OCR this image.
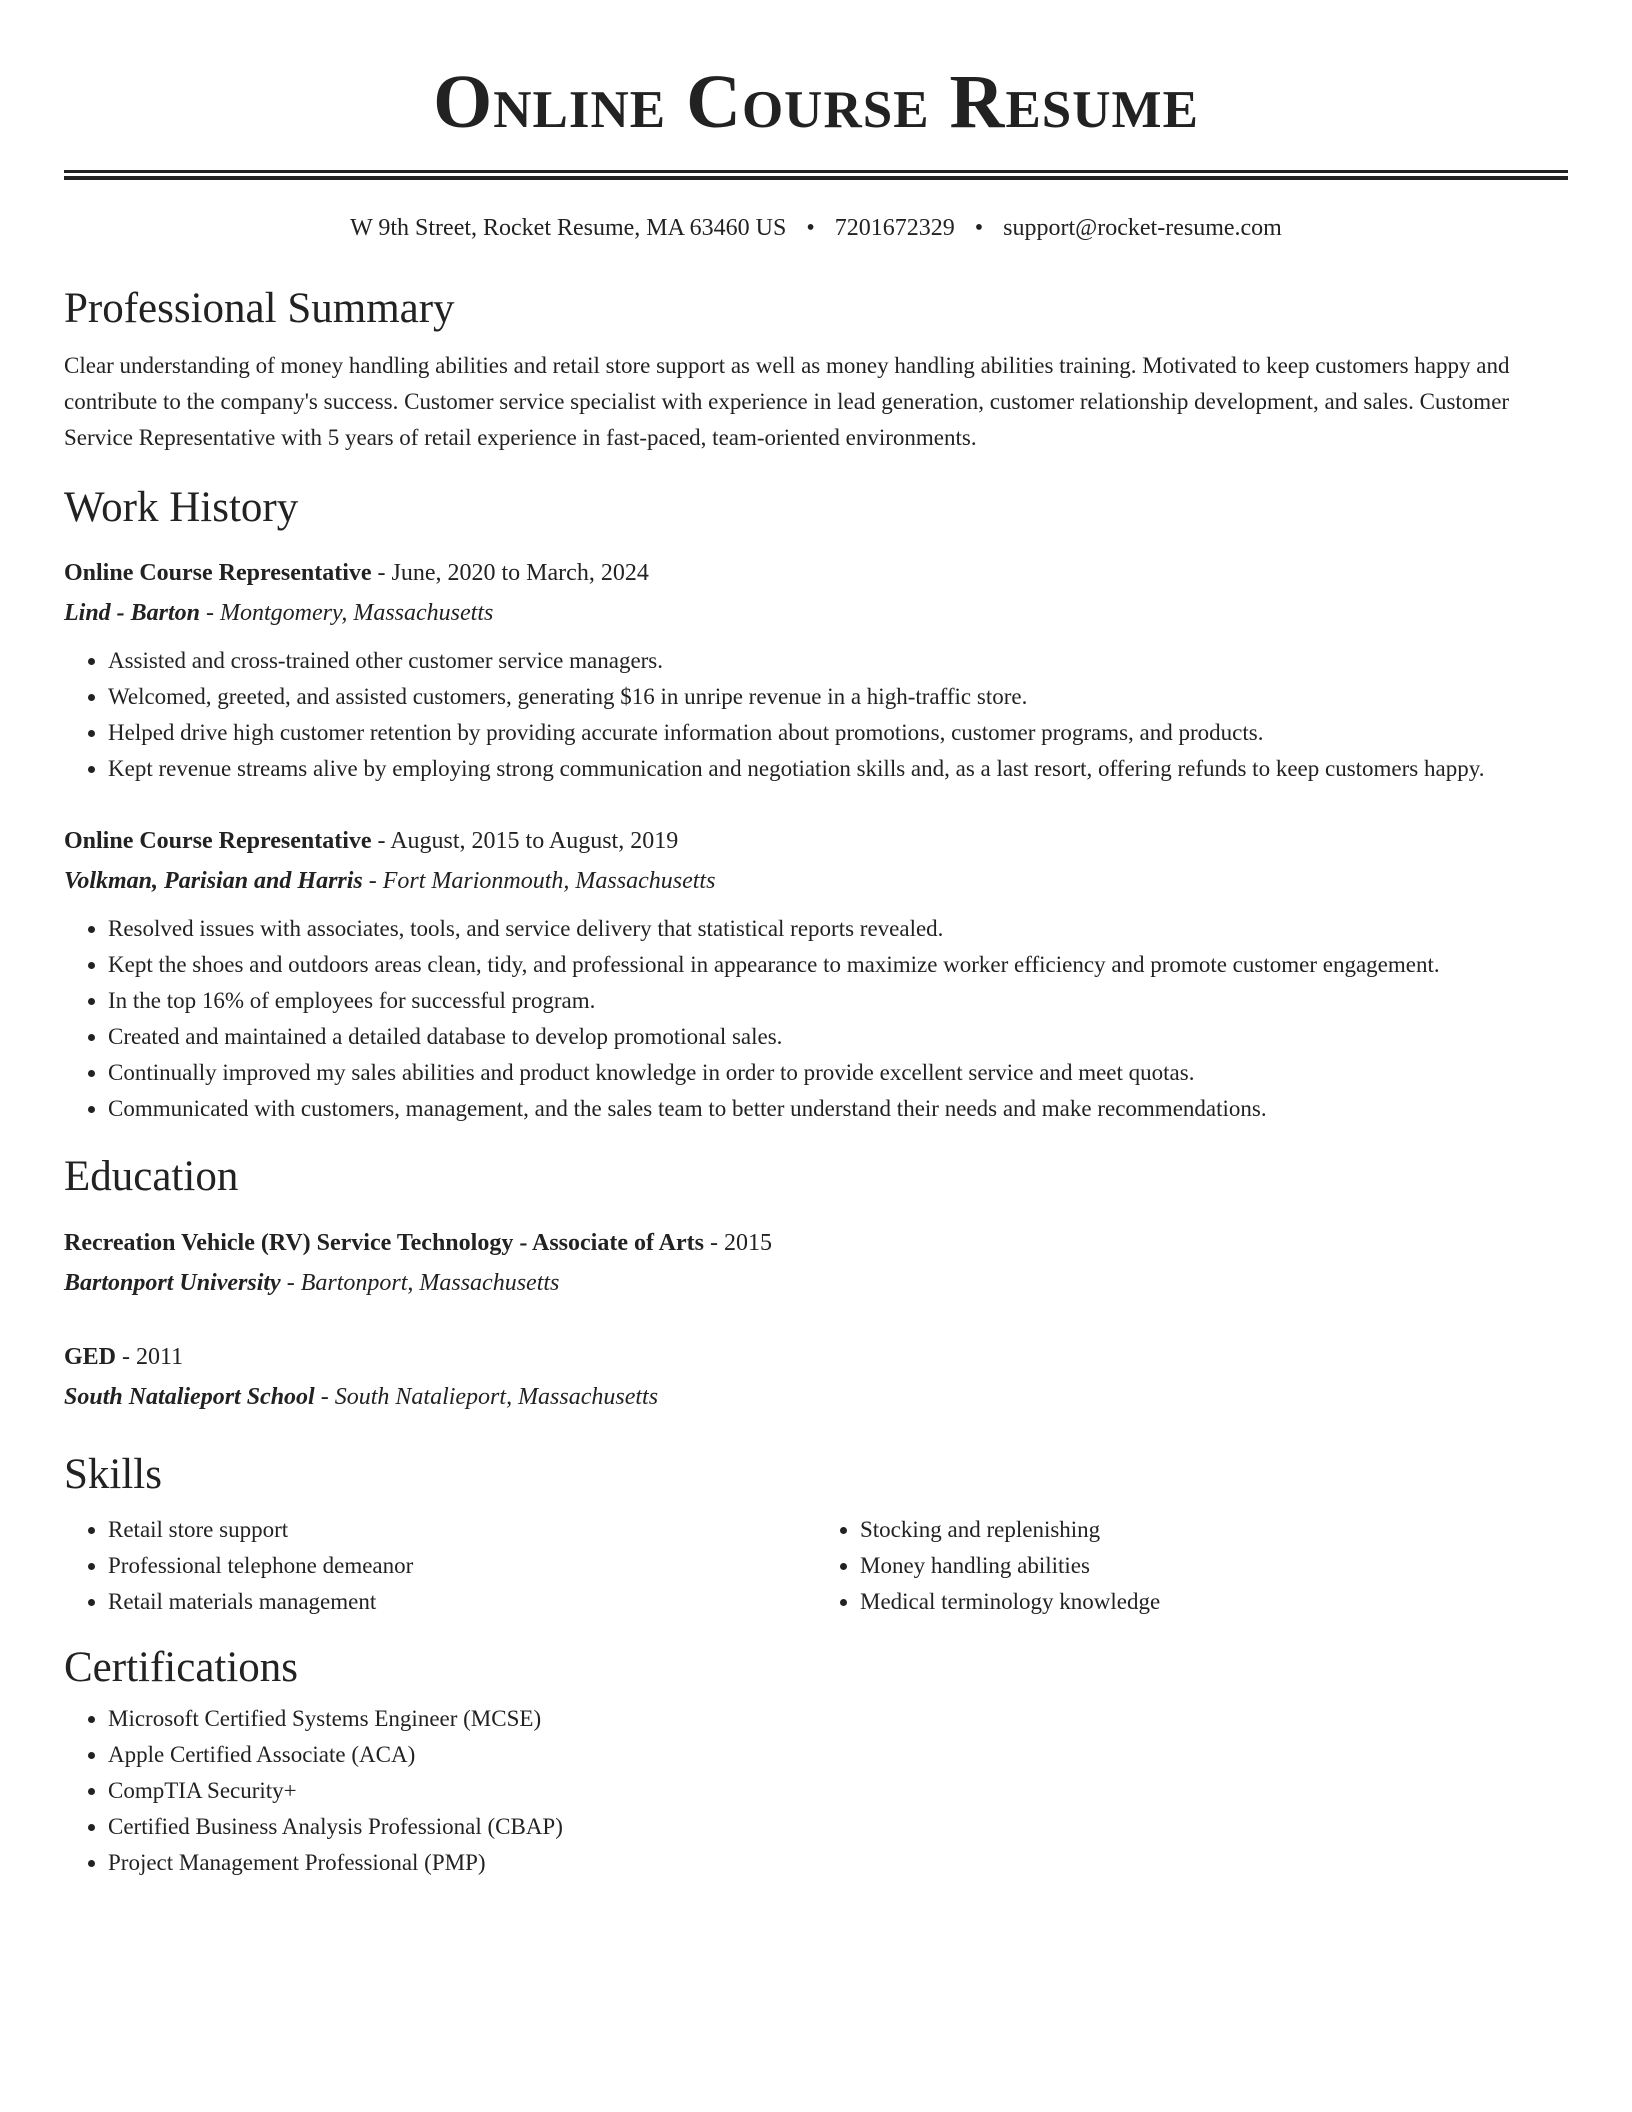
Online Course Resume
W 9th Street, Rocket Resume, MA 63460 US • 7201672329 • support@rocket-resume.com
Professional Summary

Clear understanding of money handling abilities and retail store support as well as money handling abilities training. Motivated to keep customers happy and contribute to the company's success. Customer service specialist with experience in lead generation, customer relationship development, and sales. Customer Service Representative with 5 years of retail experience in fast-paced, team-oriented environments.

Work History
Online Course Representative - June, 2020 to March, 2024
Lind - Barton - Montgomery, Massachusetts
• Assisted and cross-trained other customer service managers.
• Welcomed, greeted, and assisted customers, generating $16 in unripe revenue in a high-traffic store.
• Helped drive high customer retention by providing accurate information about promotions, customer programs, and products.
• Kept revenue streams alive by employing strong communication and negotiation skills and, as a last resort, offering refunds to keep customers happy.
Online Course Representative - August, 2015 to August, 2019
Volkman, Parisian and Harris - Fort Marionmouth, Massachusetts
• Resolved issues with associates, tools, and service delivery that statistical reports revealed.
• Kept the shoes and outdoors areas clean, tidy, and professional in appearance to maximize worker efficiency and promote customer engagement.
• In the top 16% of employees for successful program.
• Created and maintained a detailed database to develop promotional sales.
• Continually improved my sales abilities and product knowledge in order to provide excellent service and meet quotas.
• Communicated with customers, management, and the sales team to better understand their needs and make recommendations.
Education
Recreation Vehicle (RV) Service Technology - Associate of Arts - 2015
Bartonport University - Bartonport, Massachusetts
GED - 2011
South Natalieport School - South Natalieport, Massachusetts
Skills
• Retail store support
• Professional telephone demeanor
• Retail materials management
• Stocking and replenishing
• Money handling abilities
• Medical terminology knowledge
Certifications
• Microsoft Certified Systems Engineer (MCSE)
• Apple Certified Associate (ACA)
• CompTIA Security+
• Certified Business Analysis Professional (CBAP)
• Project Management Professional (PMP)
